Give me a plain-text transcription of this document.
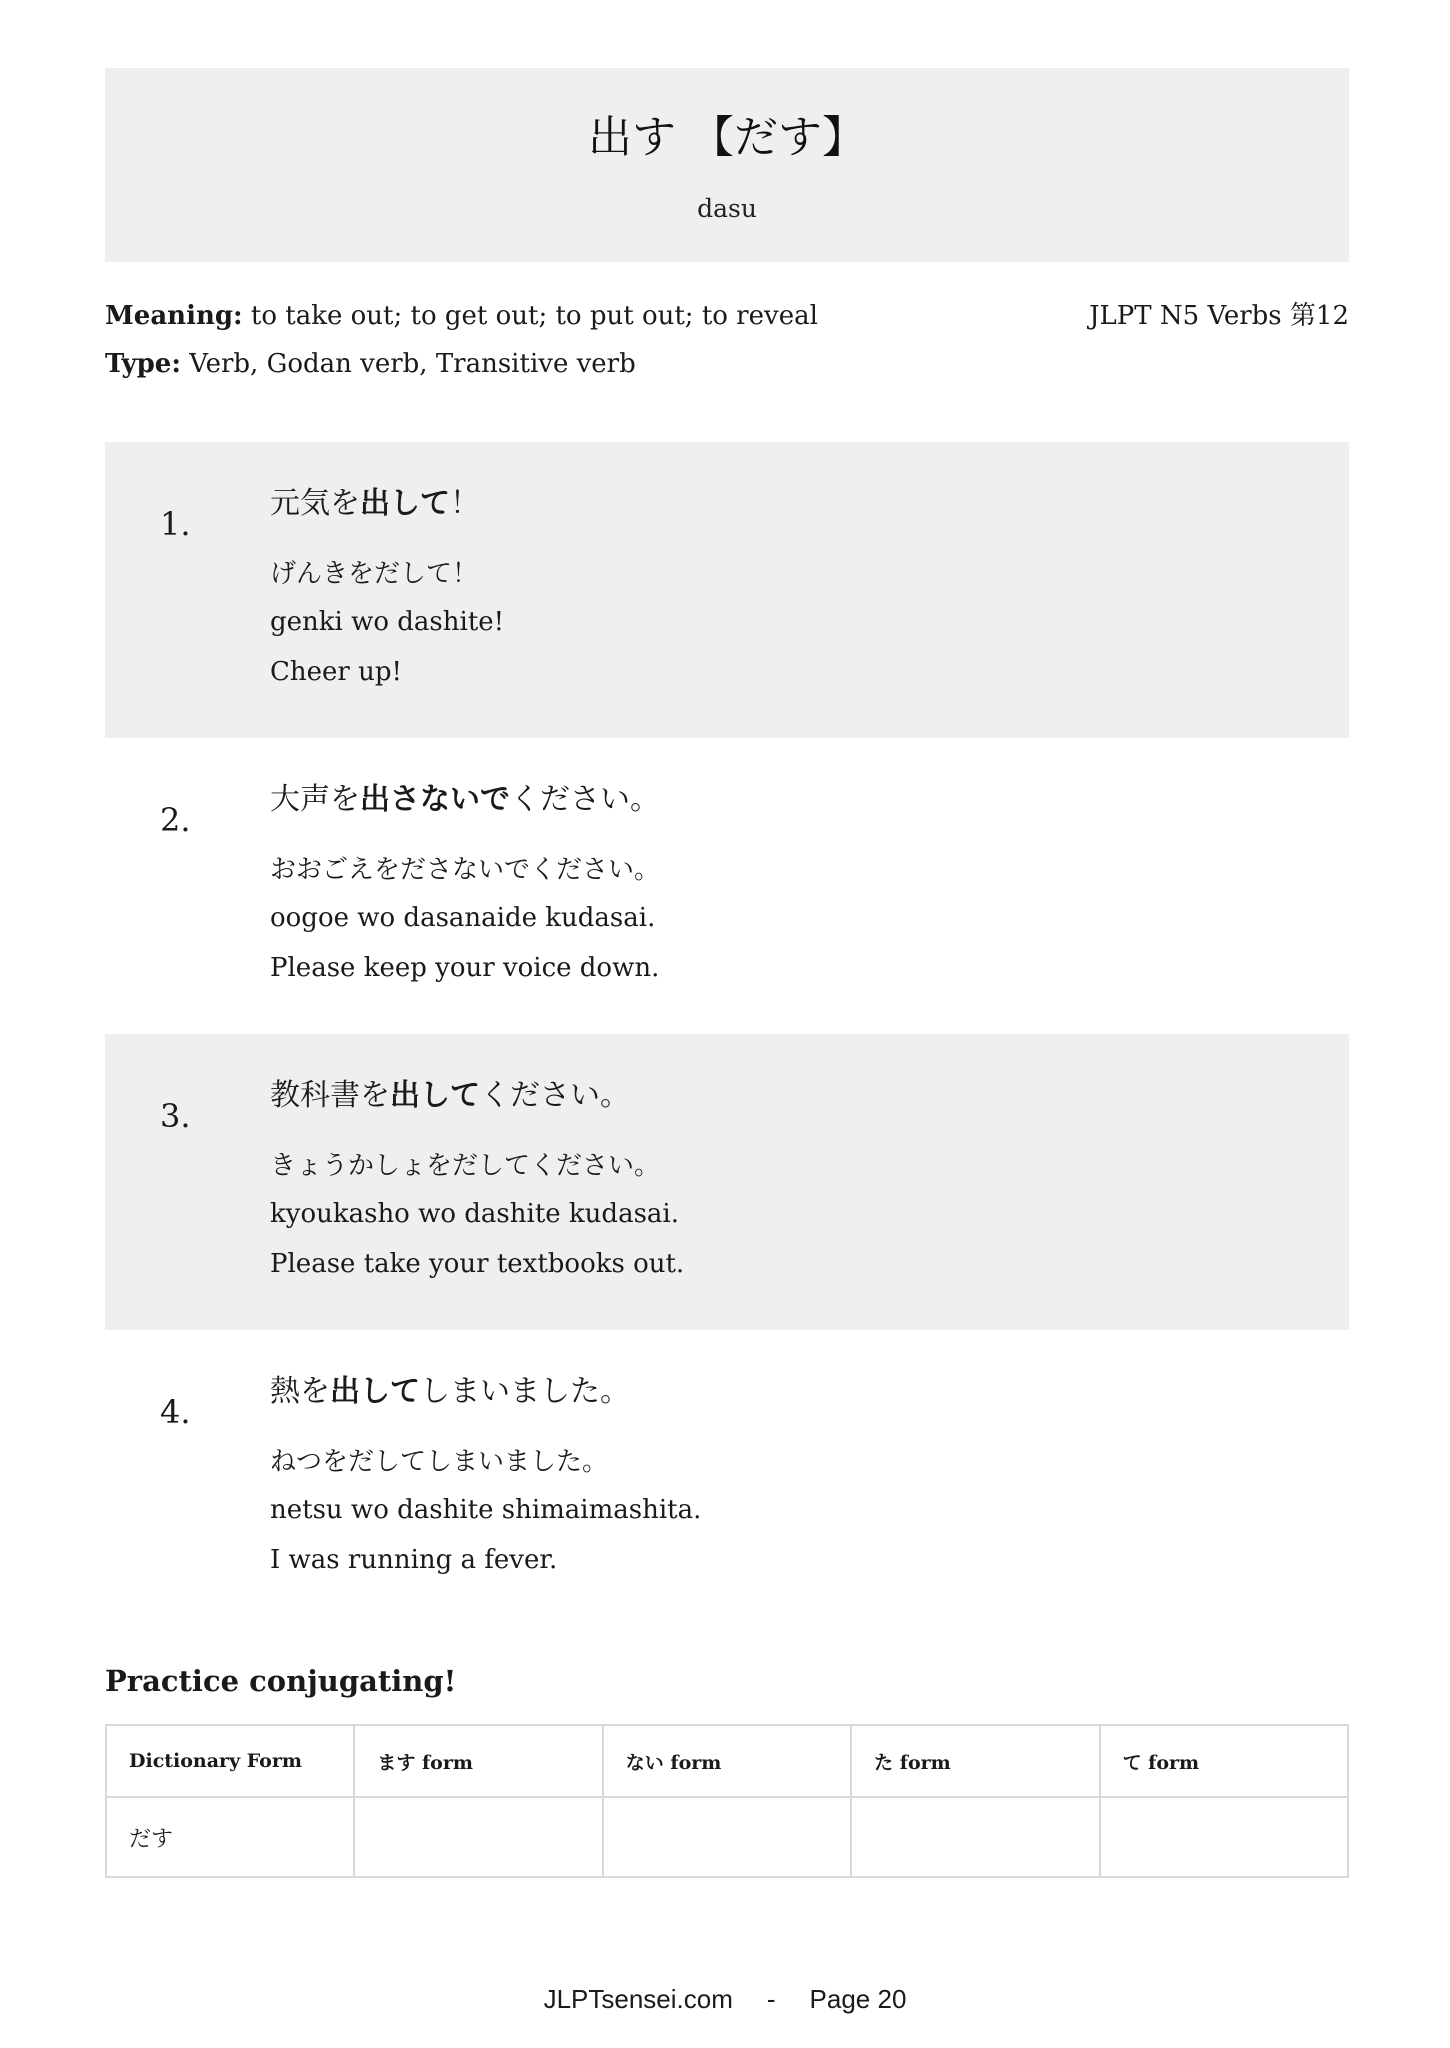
出す 【だす】
dasu
Meaning: to take out; to get out; to put out; to reveal	JLPT N5 Verbs 第12
Type: Verb, Godan verb, Transitive verb
1.
元気を出して！
げんきをだして！
genki wo dashite!
Cheer up!
2.
大声を出さないでください。
おおごえをださないでください。
oogoe wo dasanaide kudasai.
Please keep your voice down.
3.
教科書を出してください。
きょうかしょをだしてください。
kyoukasho wo dashite kudasai.
Please take your textbooks out.
4.
熱を出してしまいました。
ねつをだしてしまいました。
netsu wo dashite shimaimashita.
I was running a fever.
Practice conjugating!
Dictionary Form	ます form	ない form	た form	て form
だす				
JLPTsensei.com - Page 20
